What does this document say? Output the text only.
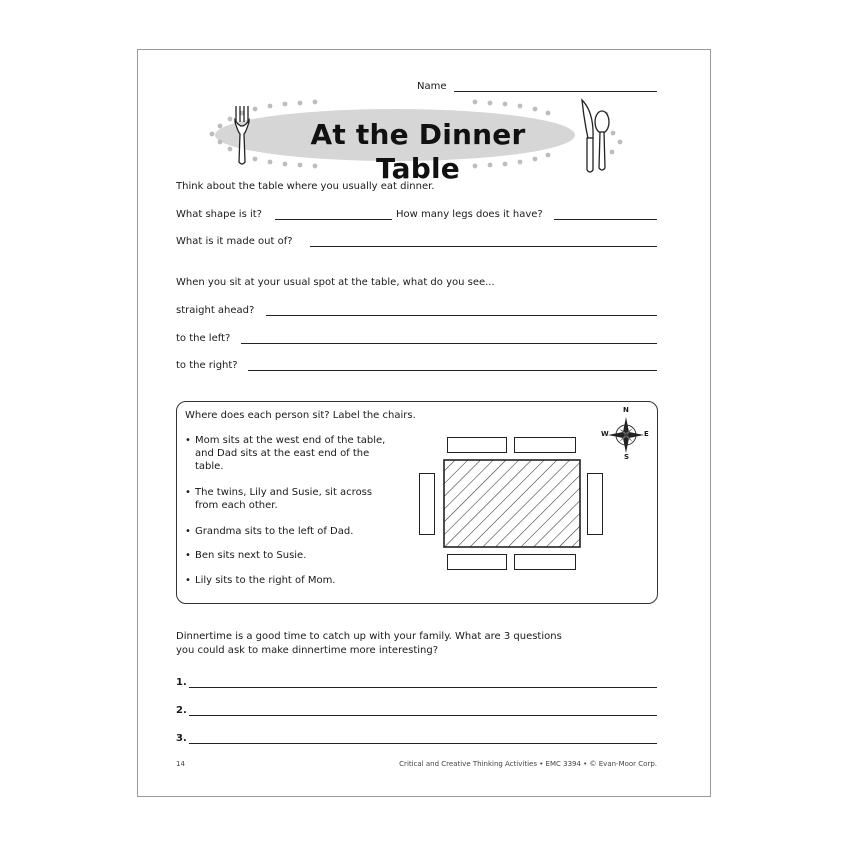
Name
At the Dinner Table
Think about the table where you usually eat dinner.
What shape is it?	How many legs does it have?
What is it made out of?
When you sit at your usual spot at the table, what do you see...
straight ahead?
to the left?
to the right?
Where does each person sit? Label the chairs.
• Mom sits at the west end of the table,
and Dad sits at the east end of the
table.
• The twins, Lily and Susie, sit across
from each other.
• Grandma sits to the left of Dad.
• Ben sits next to Susie.
• Lily sits to the right of Mom.
N
S
E
W
Dinnertime is a good time to catch up with your family. What are 3 questions
you could ask to make dinnertime more interesting?
1.
2.
3.
14	Critical and Creative Thinking Activities • EMC 3394 • © Evan-Moor Corp.
